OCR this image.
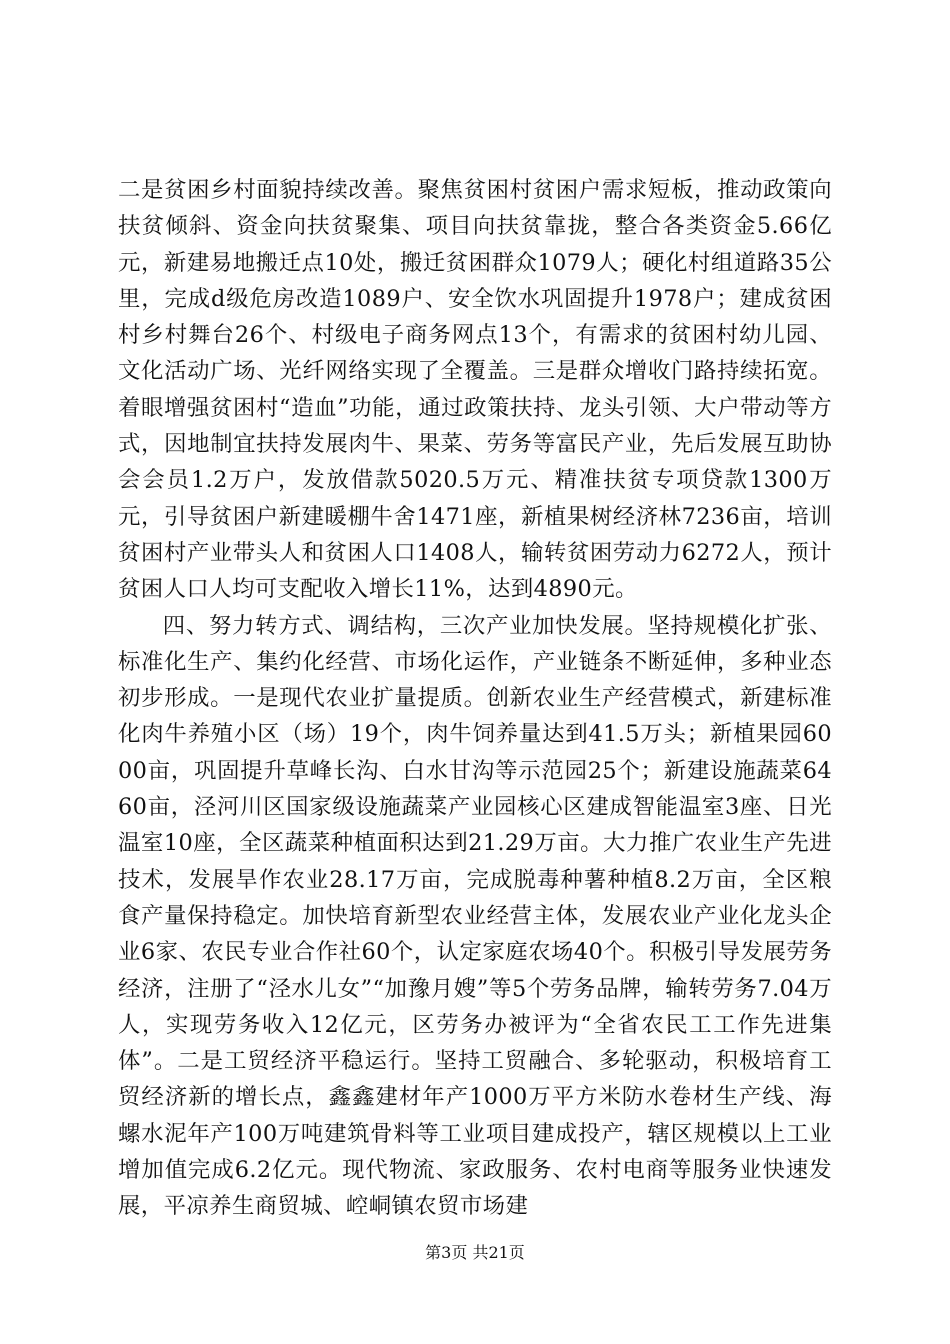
二是贫困乡村面貌持续改善。聚焦贫困村贫困户需求短板，推动政策向扶贫倾斜、资金向扶贫聚集、项目向扶贫靠拢，整合各类资金5.66亿元，新建易地搬迁点10处，搬迁贫困群众1079人；硬化村组道路35公里，完成d级危房改造1089户、安全饮水巩固提升1978户；建成贫困村乡村舞台26个、村级电子商务网点13个，有需求的贫困村幼儿园、文化活动广场、光纤网络实现了全覆盖。三是群众增收门路持续拓宽。着眼增强贫困村“造血”功能，通过政策扶持、龙头引领、大户带动等方式，因地制宜扶持发展肉牛、果菜、劳务等富民产业，先后发展互助协会会员1.2万户，发放借款5020.5万元、精准扶贫专项贷款1300万元，引导贫困户新建暖棚牛舍1471座，新植果树经济林7236亩，培训贫困村产业带头人和贫困人口1408人，输转贫困劳动力6272人，预计贫困人口人均可支配收入增长11%，达到4890元。

四、努力转方式、调结构，三次产业加快发展。坚持规模化扩张、标准化生产、集约化经营、市场化运作，产业链条不断延伸，多种业态初步形成。一是现代农业扩量提质。创新农业生产经营模式，新建标准化肉牛养殖小区（场）19个，肉牛饲养量达到41.5万头；新植果园6000亩，巩固提升草峰长沟、白水甘沟等示范园25个；新建设施蔬菜6460亩，泾河川区国家级设施蔬菜产业园核心区建成智能温室3座、日光温室10座，全区蔬菜种植面积达到21.29万亩。大力推广农业生产先进技术，发展旱作农业28.17万亩，完成脱毒种薯种植8.2万亩，全区粮食产量保持稳定。加快培育新型农业经营主体，发展农业产业化龙头企业6家、农民专业合作社60个，认定家庭农场40个。积极引导发展劳务经济，注册了“泾水儿女”“加豫月嫂”等5个劳务品牌，输转劳务7.04万人，实现劳务收入12亿元，区劳务办被评为“全省农民工工作先进集体”。二是工贸经济平稳运行。坚持工贸融合、多轮驱动，积极培育工贸经济新的增长点，鑫鑫建材年产1000万平方米防水卷材生产线、海螺水泥年产100万吨建筑骨料等工业项目建成投产，辖区规模以上工业增加值完成6.2亿元。现代物流、家政服务、农村电商等服务业快速发展，平凉养生商贸城、崆峒镇农贸市场建

第3页 共21页
